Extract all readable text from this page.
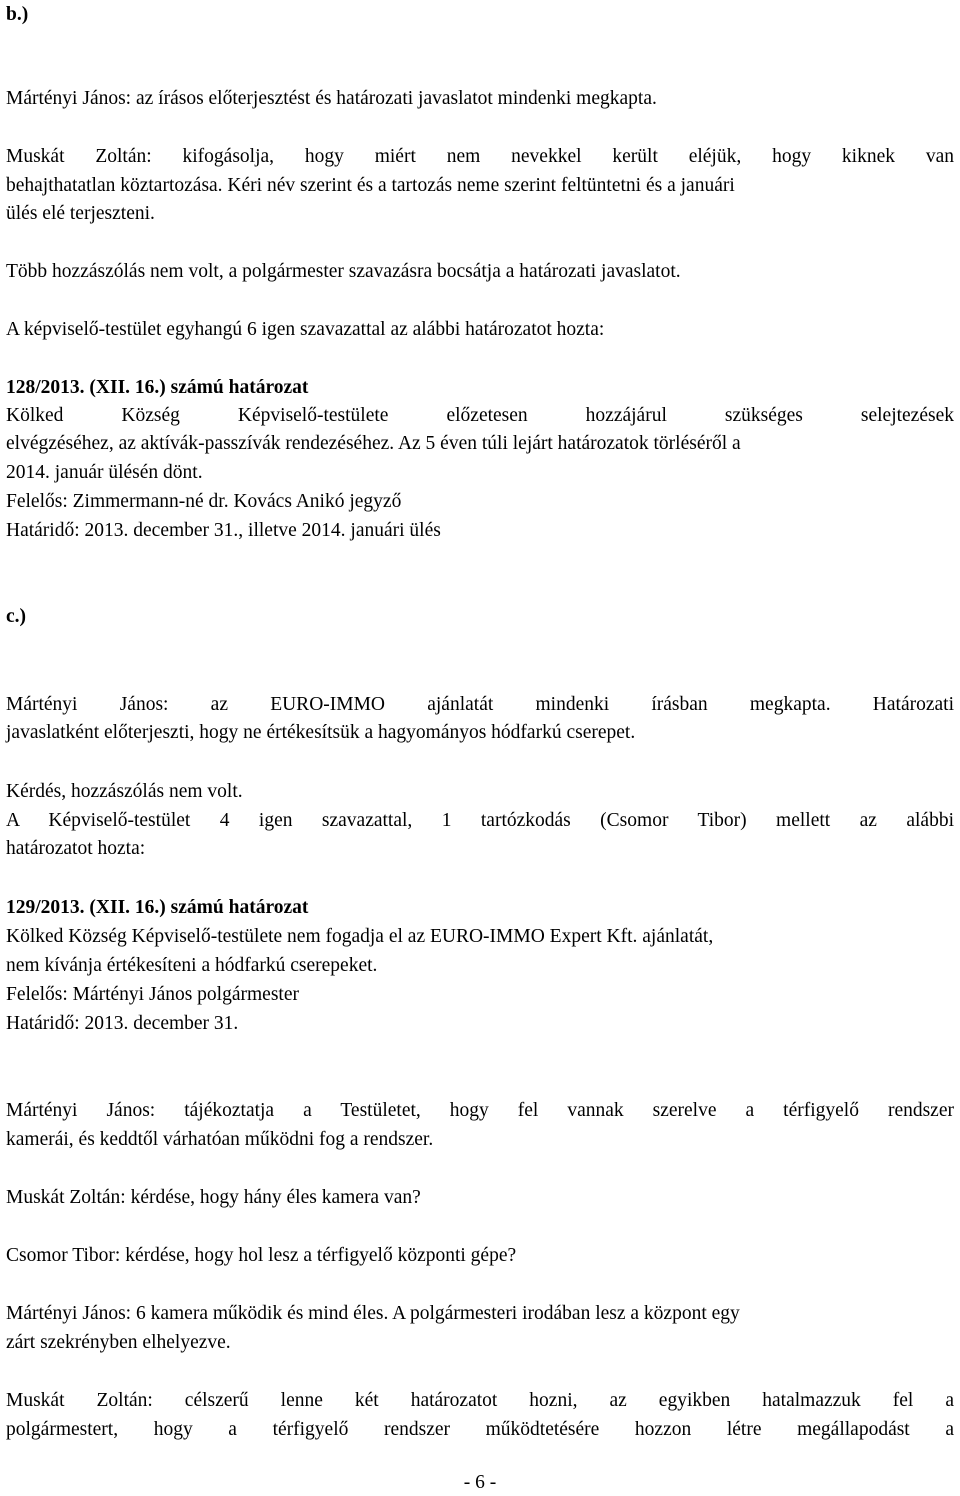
b.)
Mártényi János: az írásos előterjesztést és határozati javaslatot mindenki megkapta.
Muskát Zoltán: kifogásolja, hogy miért nem nevekkel került eléjük, hogy kiknek van
behajthatatlan köztartozása. Kéri név szerint és a tartozás neme szerint feltüntetni és a januári
ülés elé terjeszteni.
Több hozzászólás nem volt, a polgármester szavazásra bocsátja a határozati javaslatot.
A képviselő-testület egyhangú 6 igen szavazattal az alábbi határozatot hozta:
128/2013. (XII. 16.) számú határozat
Kölked Község Képviselő-testülete előzetesen hozzájárul szükséges selejtezések
elvégzéséhez, az aktívák-passzívák rendezéséhez. Az 5 éven túli lejárt határozatok törléséről a
2014. január ülésén dönt.
Felelős: Zimmermann-né dr. Kovács Anikó jegyző
Határidő: 2013. december 31., illetve 2014. januári ülés
c.)
Mártényi János: az EURO-IMMO ajánlatát mindenki írásban megkapta. Határozati
javaslatként előterjeszti, hogy ne értékesítsük a hagyományos hódfarkú cserepet.
Kérdés, hozzászólás nem volt.
A Képviselő-testület 4 igen szavazattal, 1 tartózkodás (Csomor Tibor) mellett az alábbi
határozatot hozta:
129/2013. (XII. 16.) számú határozat
Kölked Község Képviselő-testülete nem fogadja el az EURO-IMMO Expert Kft. ajánlatát,
nem kívánja értékesíteni a hódfarkú cserepeket.
Felelős: Mártényi János polgármester
Határidő: 2013. december 31.
Mártényi János: tájékoztatja a Testületet, hogy fel vannak szerelve a térfigyelő rendszer
kamerái, és keddtől várhatóan működni fog a rendszer.
Muskát Zoltán: kérdése, hogy hány éles kamera van?
Csomor Tibor: kérdése, hogy hol lesz a térfigyelő központi gépe?
Mártényi János: 6 kamera működik és mind éles. A polgármesteri irodában lesz a központ egy
zárt szekrényben elhelyezve.
Muskát Zoltán: célszerű lenne két határozatot hozni, az egyikben hatalmazzuk fel a
polgármestert, hogy a térfigyelő rendszer működtetésére hozzon létre megállapodást a
- 6 -
